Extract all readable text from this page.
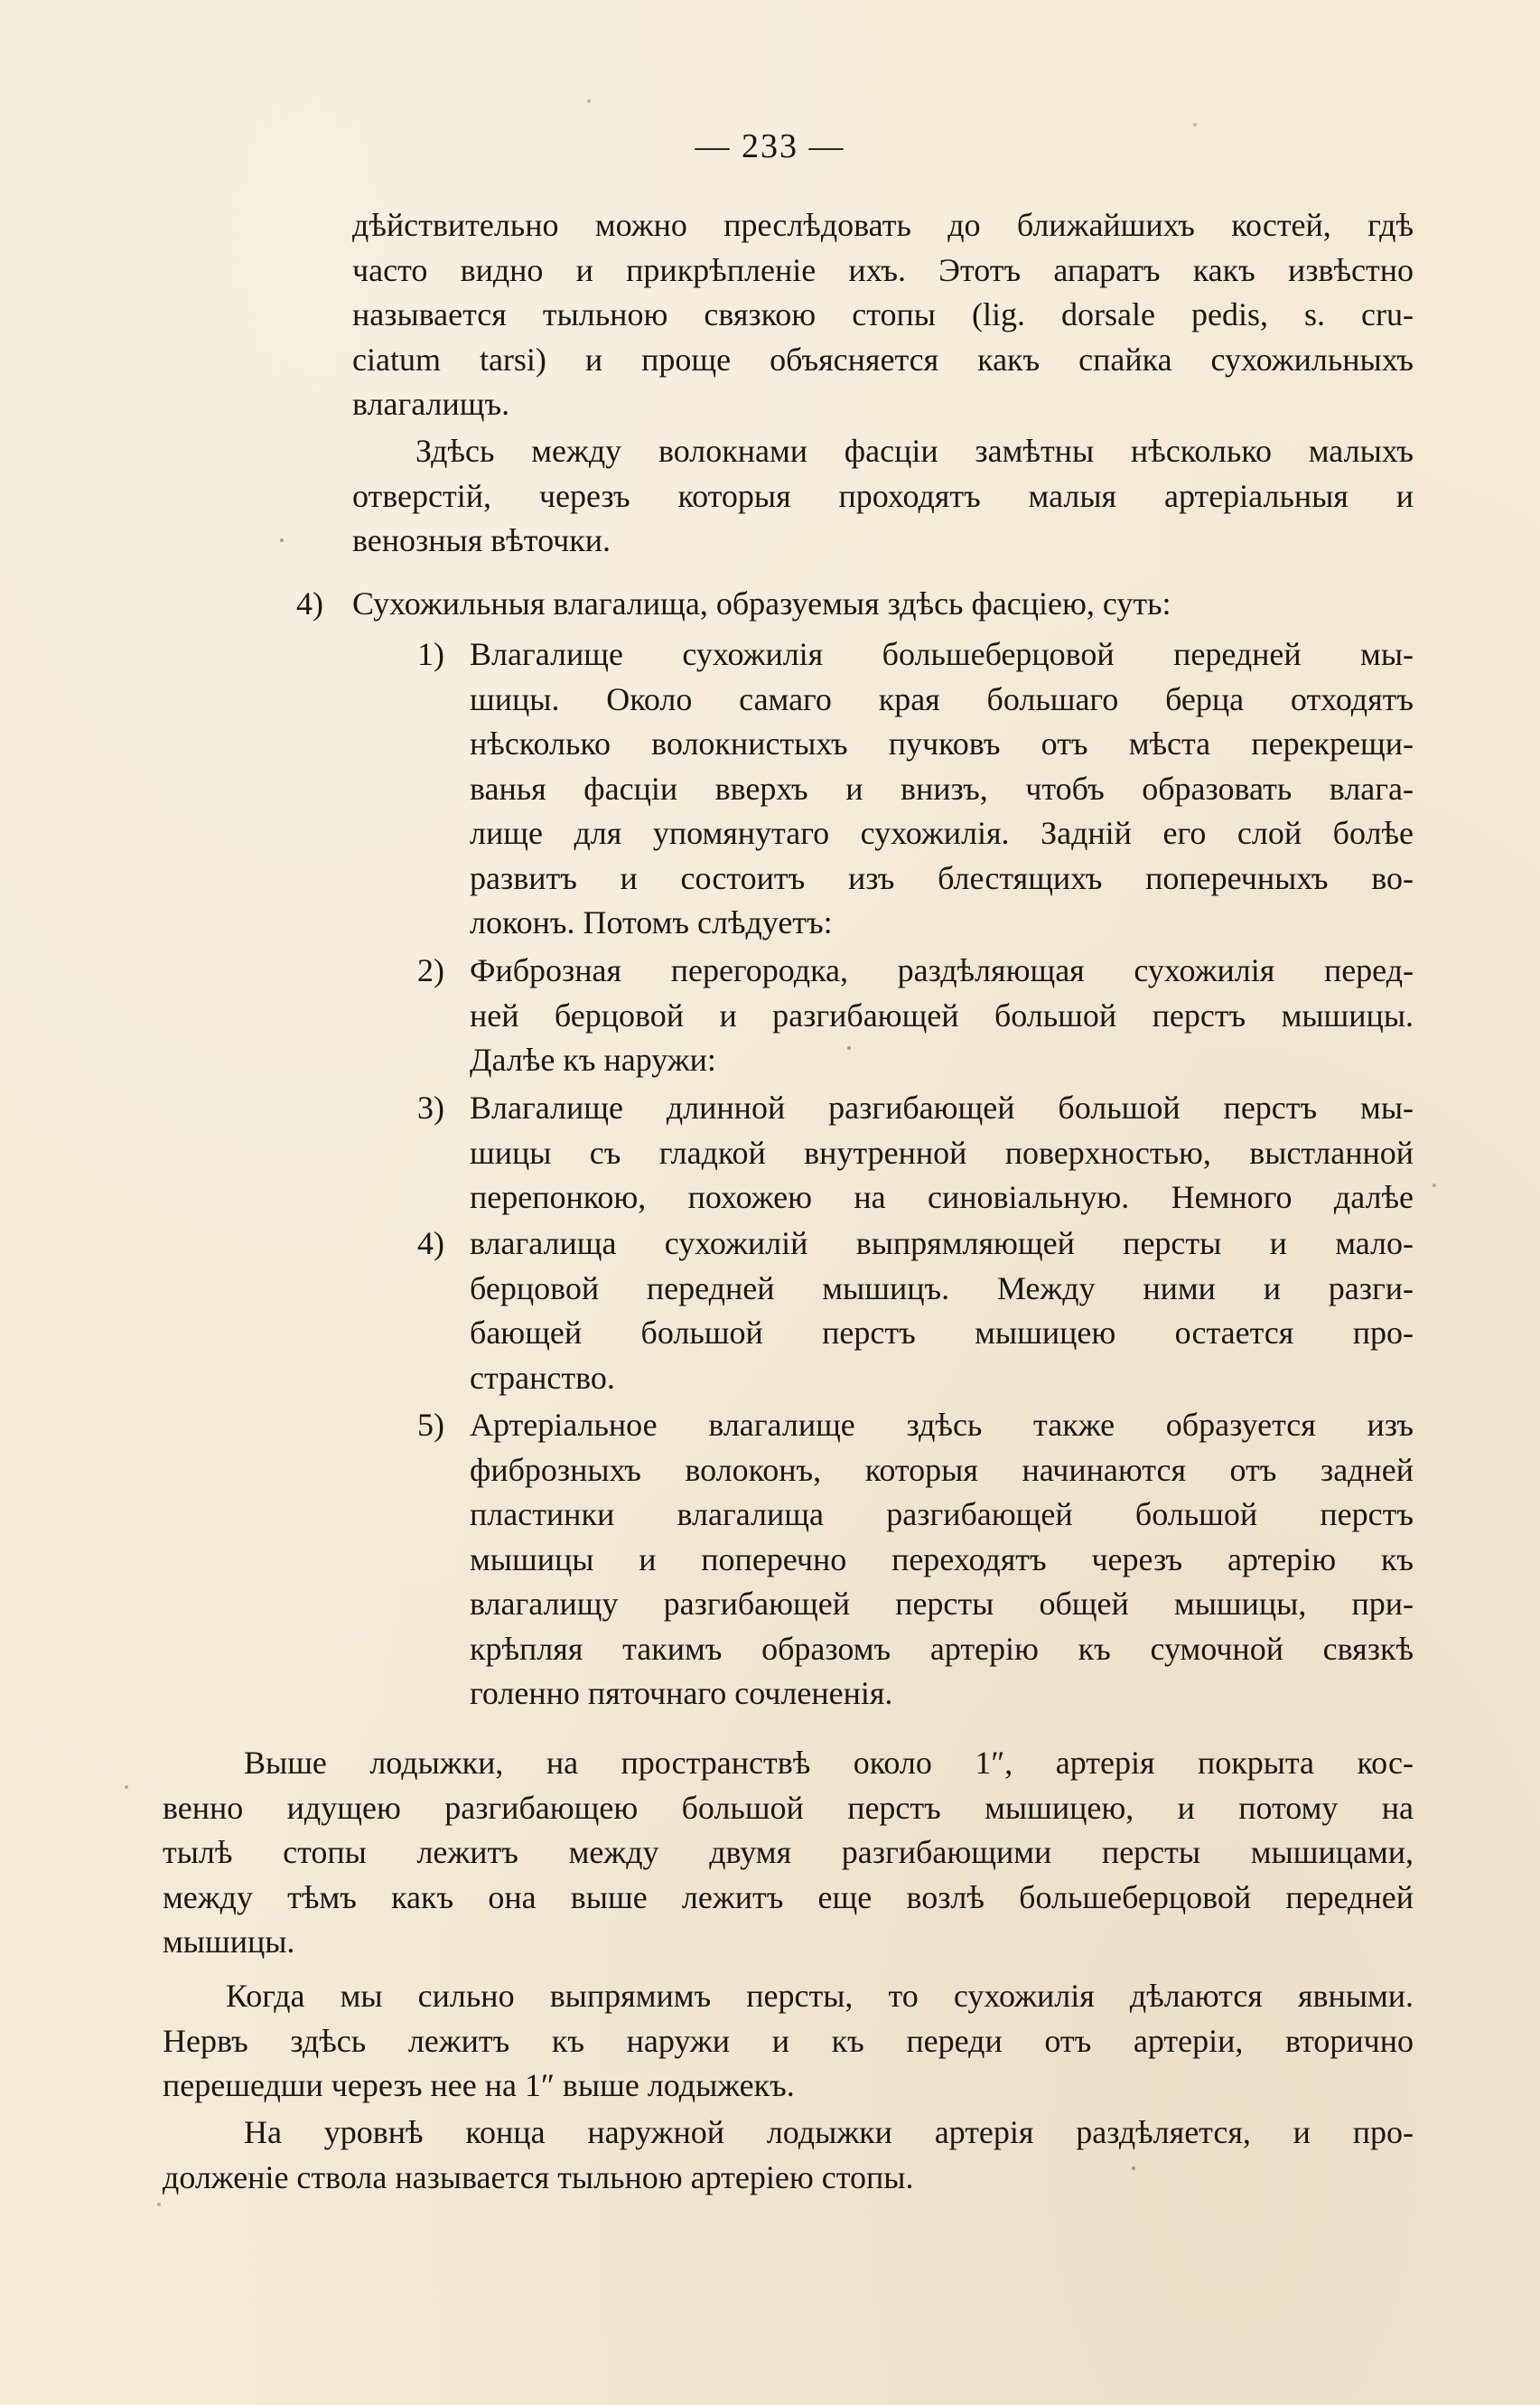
— 233 —
дѣйствительно можно преслѣдовать до ближайшихъ костей, гдѣ
часто видно и прикрѣпленіе ихъ. Этотъ апаратъ какъ извѣстно
называется тыльною связкою стопы (lig. dorsale pedis, s. cru-
ciatum tarsi) и проще объясняется какъ спайка сухожильныхъ
влагалищъ.
Здѣсь между волокнами фасціи замѣтны нѣсколько малыхъ
отверстій, черезъ которыя проходятъ малыя артеріальныя и
венозныя вѣточки.
4) Сухожильныя влагалища, образуемыя здѣсь фасціею, суть:
1) Влагалище сухожилія большеберцовой передней мы-
шицы. Около самаго края большаго берца отходятъ
нѣсколько волокнистыхъ пучковъ отъ мѣста перекрещи-
ванья фасціи вверхъ и внизъ, чтобъ образовать влага-
лище для упомянутаго сухожилія. Задній его слой болѣе
развитъ и состоитъ изъ блестящихъ поперечныхъ во-
локонъ. Потомъ слѣдуетъ:
2) Фиброзная перегородка, раздѣляющая сухожилія перед-
ней берцовой и разгибающей большой перстъ мышицы.
Далѣе къ наружи:
3) Влагалище длинной разгибающей большой перстъ мы-
шицы съ гладкой внутренной поверхностью, выстланной
перепонкою, похожею на синовіальную. Немного далѣе
4) влагалища сухожилій выпрямляющей персты и мало-
берцовой передней мышицъ. Между ними и разги-
бающей большой перстъ мышицею остается про-
странство.
5) Артеріальное влагалище здѣсь также образуется изъ
фиброзныхъ волоконъ, которыя начинаются отъ задней
пластинки влагалища разгибающей большой перстъ
мышицы и поперечно переходятъ черезъ артерію къ
влагалищу разгибающей персты общей мышицы, при-
крѣпляя такимъ образомъ артерію къ сумочной связкѣ
голенно пяточнаго сочлененія.
Выше лодыжки, на пространствѣ около 1″, артерія покрыта кос-
венно идущею разгибающею большой перстъ мышицею, и потому на
тылѣ стопы лежитъ между двумя разгибающими персты мышицами,
между тѣмъ какъ она выше лежитъ еще возлѣ большеберцовой передней
мышицы.
Когда мы сильно выпрямимъ персты, то сухожилія дѣлаются явными.
Нервъ здѣсь лежитъ къ наружи и къ переди отъ артеріи, вторично
перешедши черезъ нее на 1″ выше лодыжекъ.
На уровнѣ конца наружной лодыжки артерія раздѣляется, и про-
долженіе ствола называется тыльною артеріею стопы.
